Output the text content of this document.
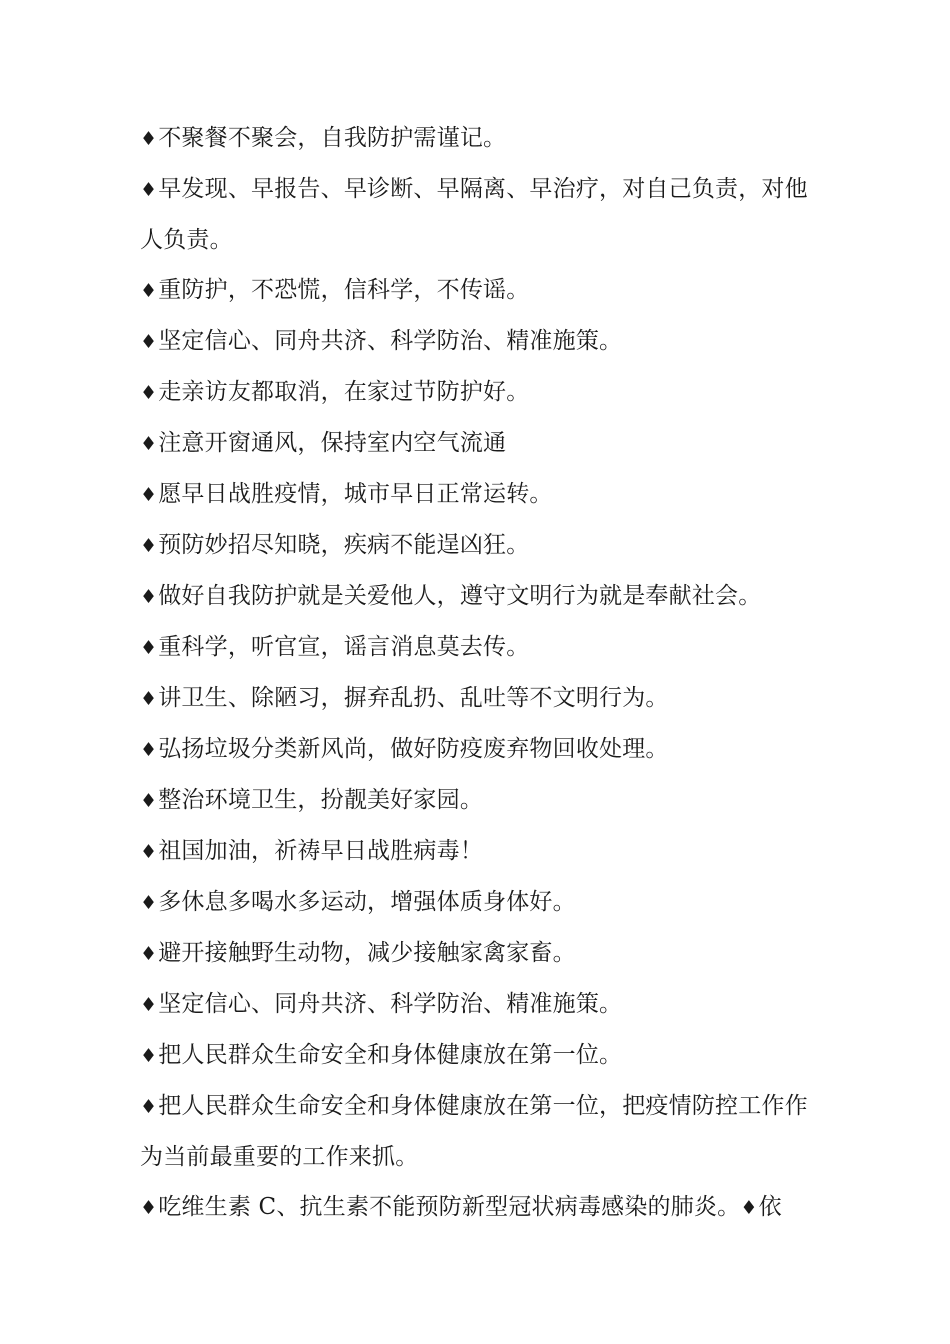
♦不聚餐不聚会，自我防护需谨记。

♦早发现、早报告、早诊断、早隔离、早治疗，对自己负责，对他人负责。

♦重防护，不恐慌，信科学，不传谣。

♦坚定信心、同舟共济、科学防治、精准施策。

♦走亲访友都取消，在家过节防护好。

♦注意开窗通风，保持室内空气流通

♦愿早日战胜疫情，城市早日正常运转。

♦预防妙招尽知晓，疾病不能逞凶狂。

♦做好自我防护就是关爱他人，遵守文明行为就是奉献社会。

♦重科学，听官宣，谣言消息莫去传。

♦讲卫生、除陋习，摒弃乱扔、乱吐等不文明行为。

♦弘扬垃圾分类新风尚，做好防疫废弃物回收处理。

♦整治环境卫生，扮靓美好家园。

♦祖国加油，祈祷早日战胜病毒！

♦多休息多喝水多运动，增强体质身体好。

♦避开接触野生动物，减少接触家禽家畜。

♦坚定信心、同舟共济、科学防治、精准施策。

♦把人民群众生命安全和身体健康放在第一位。

♦把人民群众生命安全和身体健康放在第一位，把疫情防控工作作为当前最重要的工作来抓。

♦吃维生素 C、抗生素不能预防新型冠状病毒感染的肺炎。♦依
